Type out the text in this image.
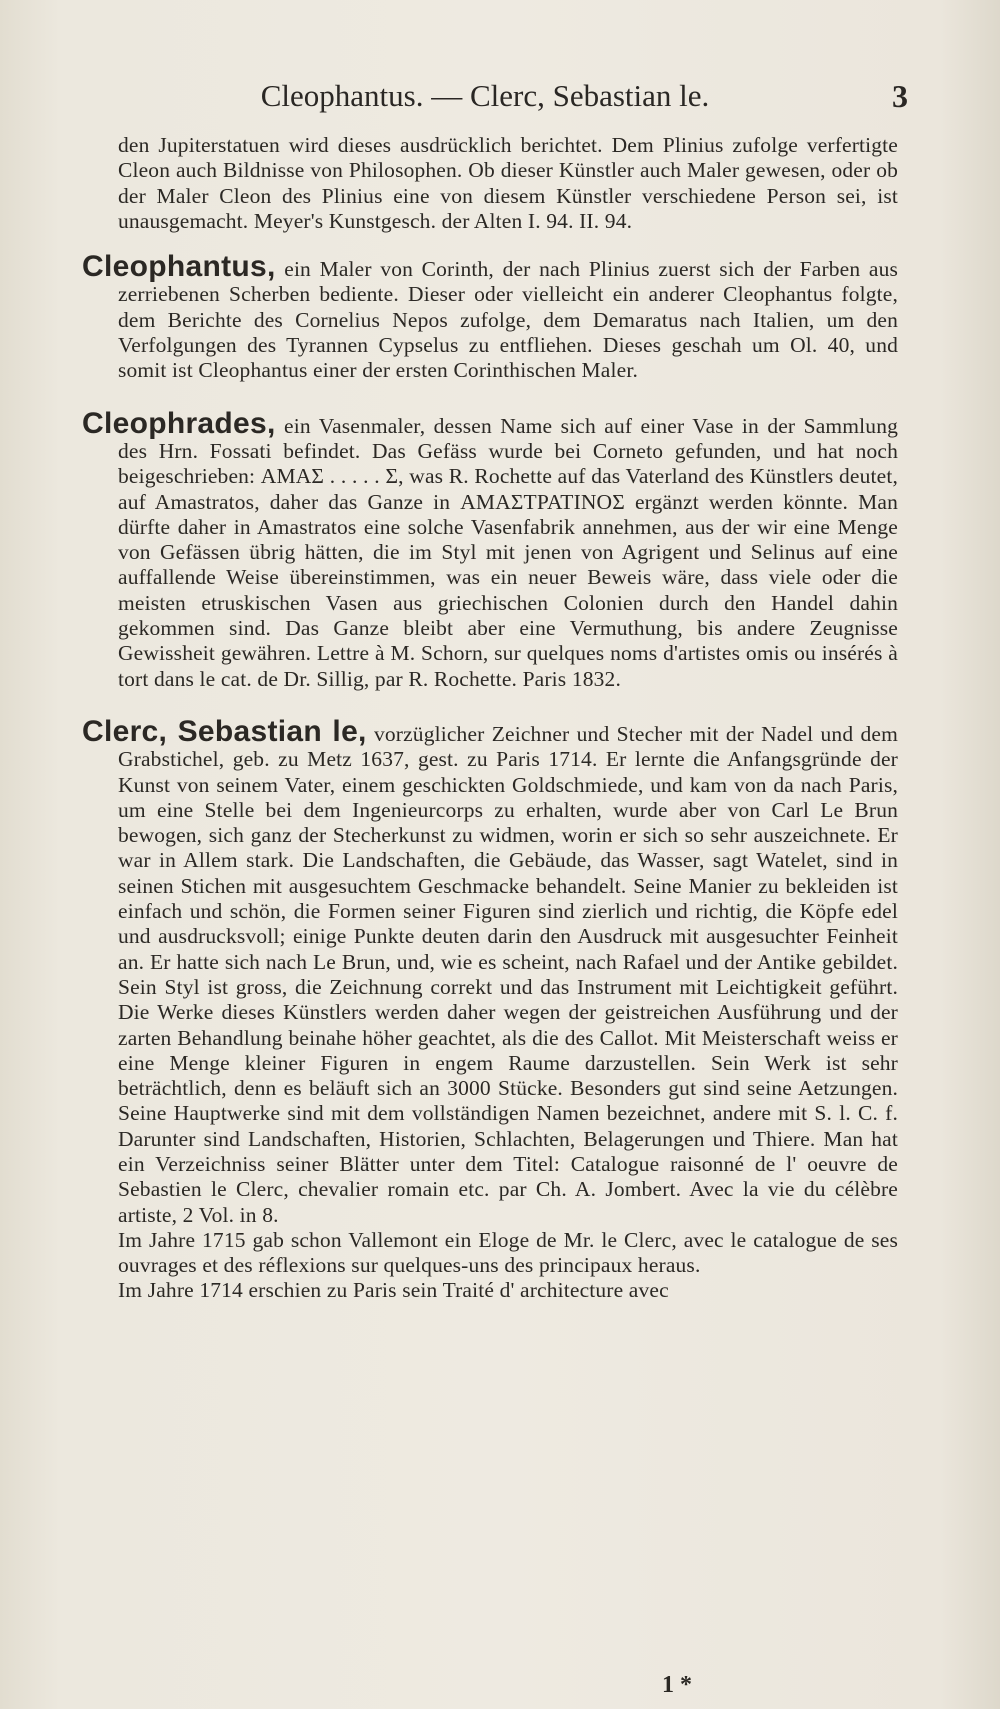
Cleophantus. — Clerc, Sebastian le.	3

den Jupiterstatuen wird dieses ausdrücklich berichtet. Dem Plinius zufolge verfertigte Cleon auch Bildnisse von Philosophen. Ob dieser Künstler auch Maler gewesen, oder ob der Maler Cleon des Plinius eine von diesem Künstler verschiedene Person sei, ist unausgemacht. Meyer's Kunstgesch. der Alten I. 94. II. 94.

Cleophantus, ein Maler von Corinth, der nach Plinius zuerst sich der Farben aus zerriebenen Scherben bediente. Dieser oder vielleicht ein anderer Cleophantus folgte, dem Berichte des Cornelius Nepos zufolge, dem Demaratus nach Italien, um den Verfolgungen des Tyrannen Cypselus zu entfliehen. Dieses geschah um Ol. 40, und somit ist Cleophantus einer der ersten Corinthischen Maler.

Cleophrades, ein Vasenmaler, dessen Name sich auf einer Vase in der Sammlung des Hrn. Fossati befindet. Das Gefäss wurde bei Corneto gefunden, und hat noch beigeschrieben: ΑΜΑΣ . . . . . Σ, was R. Rochette auf das Vaterland des Künstlers deutet, auf Amastratos, daher das Ganze in ΑΜΑΣΤΡΑΤΙΝΟΣ ergänzt werden könnte. Man dürfte daher in Amastratos eine solche Vasenfabrik annehmen, aus der wir eine Menge von Gefässen übrig hätten, die im Styl mit jenen von Agrigent und Selinus auf eine auffallende Weise übereinstimmen, was ein neuer Beweis wäre, dass viele oder die meisten etruskischen Vasen aus griechischen Colonien durch den Handel dahin gekommen sind. Das Ganze bleibt aber eine Vermuthung, bis andere Zeugnisse Gewissheit gewähren. Lettre à M. Schorn, sur quelques noms d'artistes omis ou insérés à tort dans le cat. de Dr. Sillig, par R. Rochette. Paris 1832.

Clerc, Sebastian le, vorzüglicher Zeichner und Stecher mit der Nadel und dem Grabstichel, geb. zu Metz 1637, gest. zu Paris 1714. Er lernte die Anfangsgründe der Kunst von seinem Vater, einem geschickten Goldschmiede, und kam von da nach Paris, um eine Stelle bei dem Ingenieurcorps zu erhalten, wurde aber von Carl Le Brun bewogen, sich ganz der Stecherkunst zu widmen, worin er sich so sehr auszeichnete. Er war in Allem stark. Die Landschaften, die Gebäude, das Wasser, sagt Watelet, sind in seinen Stichen mit ausgesuchtem Geschmacke behandelt. Seine Manier zu bekleiden ist einfach und schön, die Formen seiner Figuren sind zierlich und richtig, die Köpfe edel und ausdrucksvoll; einige Punkte deuten darin den Ausdruck mit ausgesuchter Feinheit an. Er hatte sich nach Le Brun, und, wie es scheint, nach Rafael und der Antike gebildet. Sein Styl ist gross, die Zeichnung correkt und das Instrument mit Leichtigkeit geführt. Die Werke dieses Künstlers werden daher wegen der geistreichen Ausführung und der zarten Behandlung beinahe höher geachtet, als die des Callot. Mit Meisterschaft weiss er eine Menge kleiner Figuren in engem Raume darzustellen. Sein Werk ist sehr beträchtlich, denn es beläuft sich an 3000 Stücke. Besonders gut sind seine Aetzungen. Seine Hauptwerke sind mit dem vollständigen Namen bezeichnet, andere mit S. l. C. f. Darunter sind Landschaften, Historien, Schlachten, Belagerungen und Thiere. Man hat ein Verzeichniss seiner Blätter unter dem Titel: Catalogue raisonné de l' oeuvre de Sebastien le Clerc, chevalier romain etc. par Ch. A. Jombert. Avec la vie du célèbre artiste, 2 Vol. in 8.

Im Jahre 1715 gab schon Vallemont ein Eloge de Mr. le Clerc, avec le catalogue de ses ouvrages et des réflexions sur quelques-uns des principaux heraus.

Im Jahre 1714 erschien zu Paris sein Traité d' architecture avec

1 *
